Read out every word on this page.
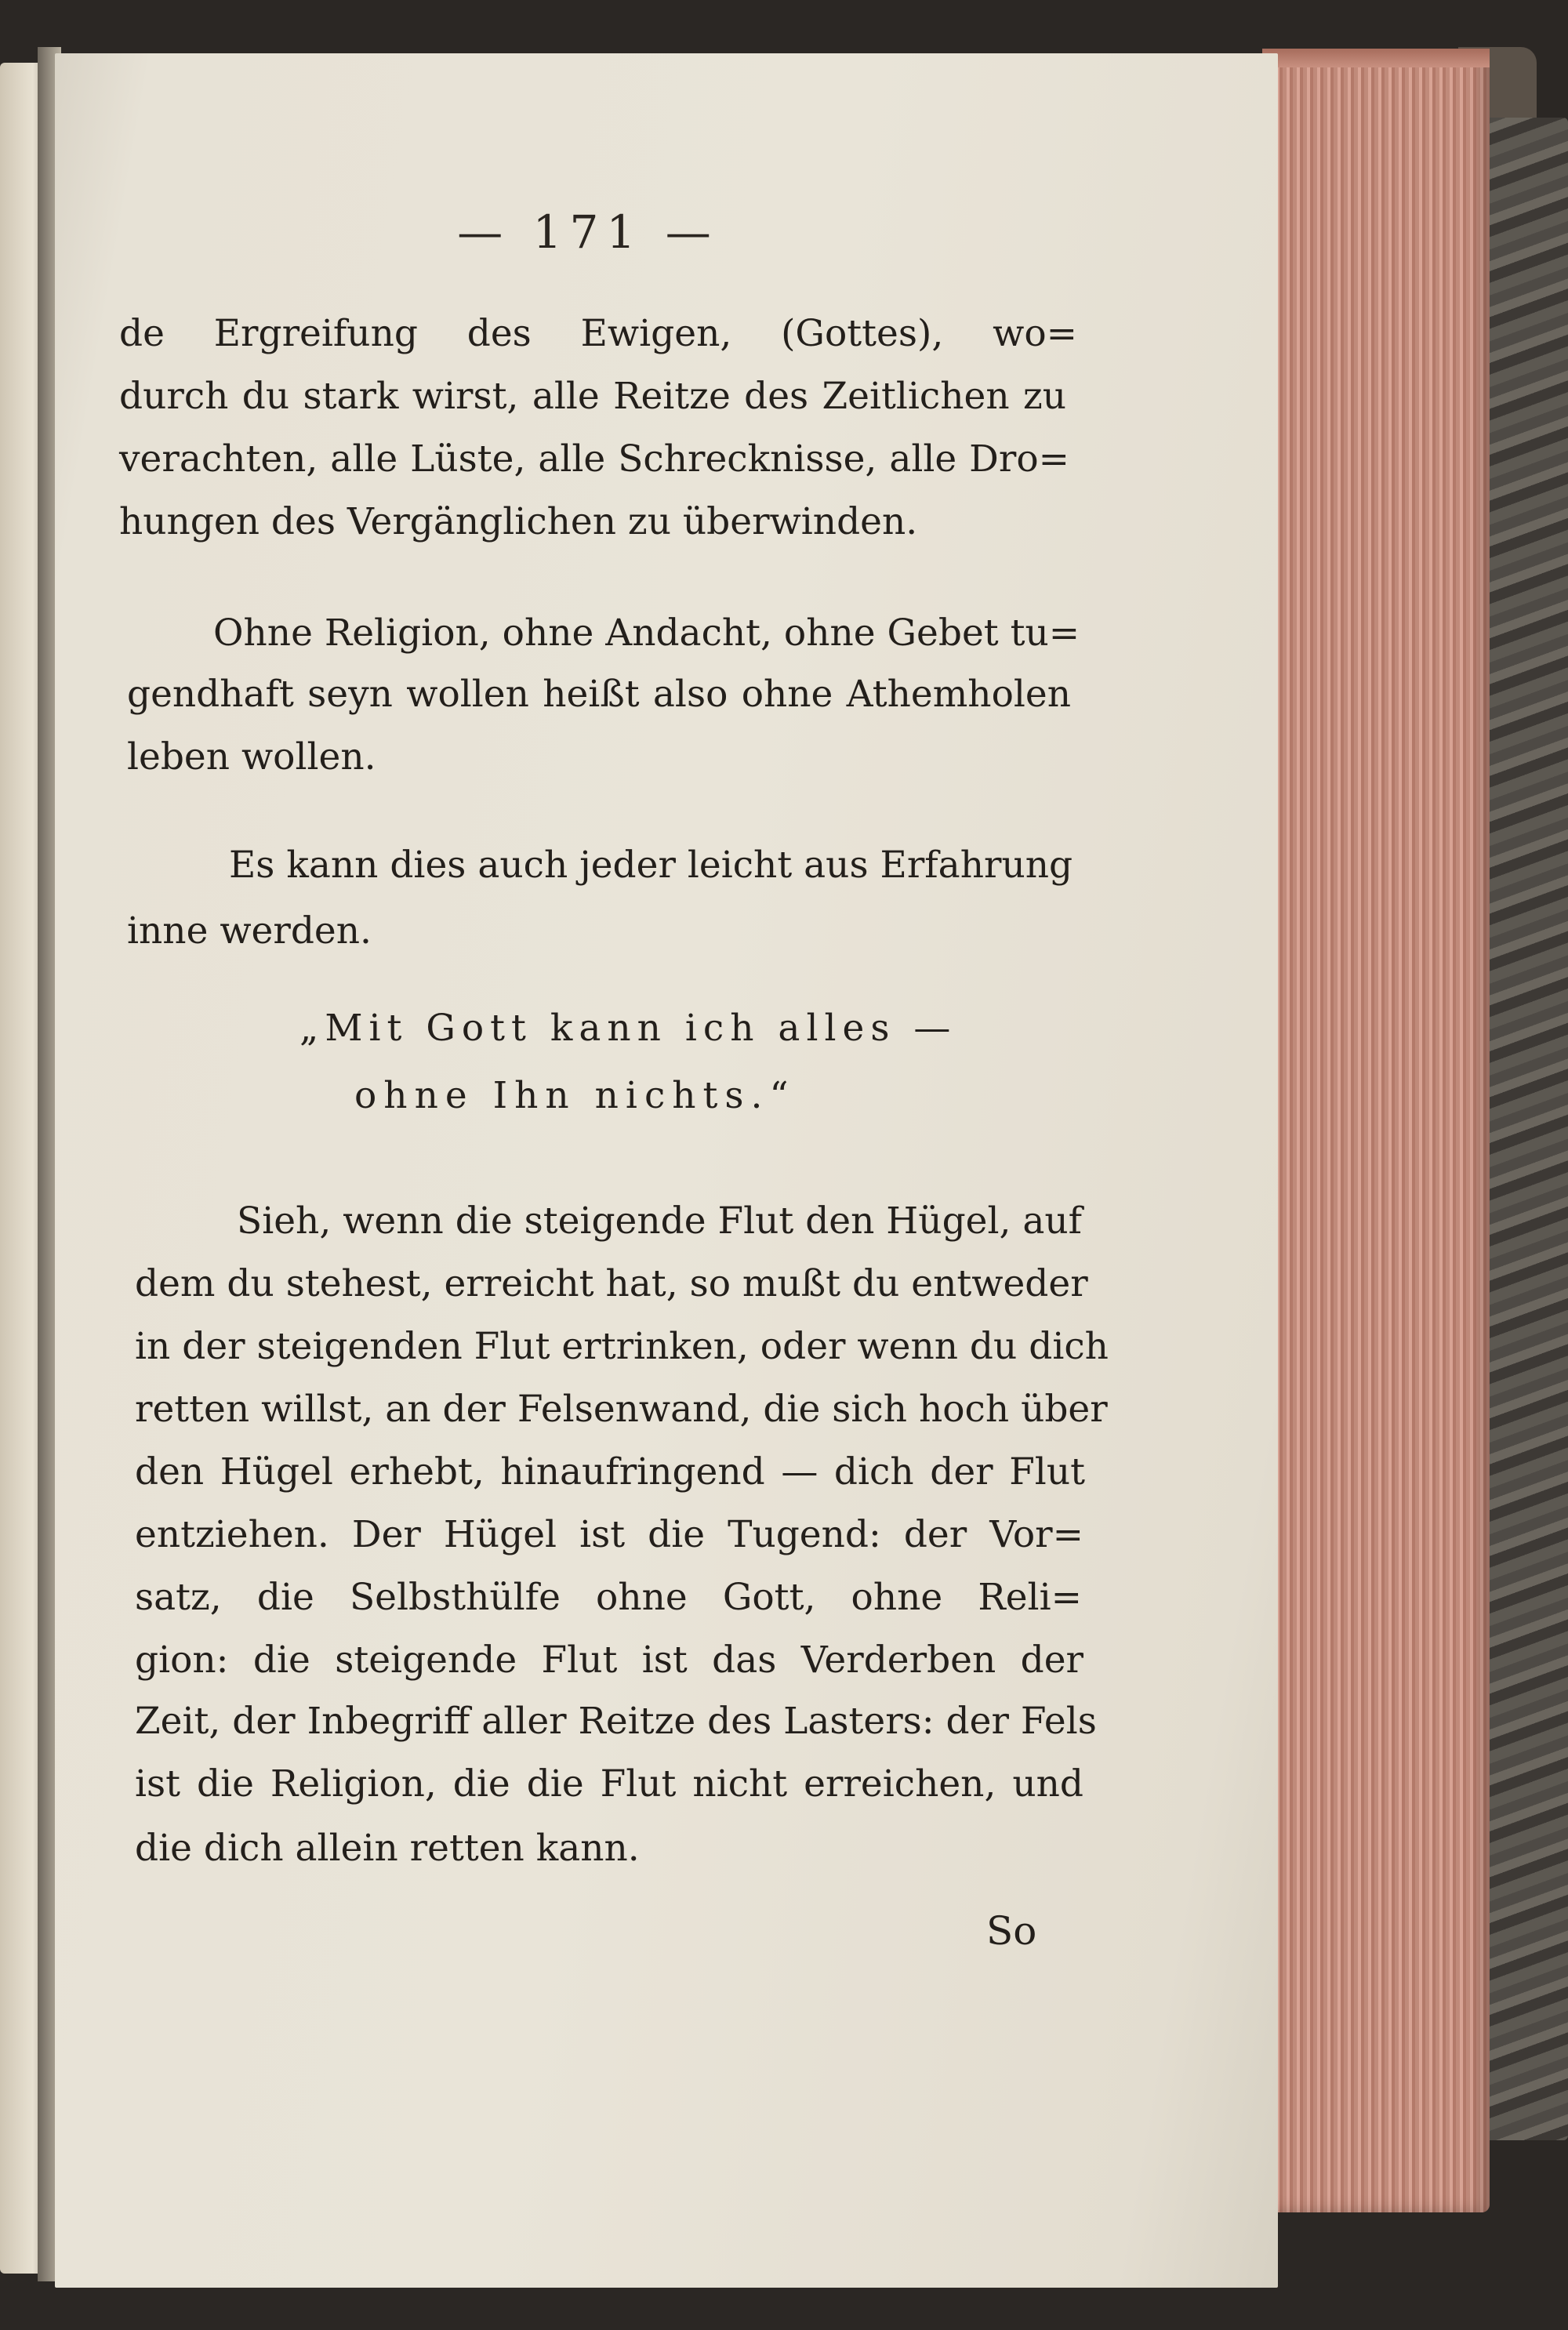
— 171 —
de Ergreifung des Ewigen, (Gottes), wo=
durch du stark wirst, alle Reitze des Zeitlichen zu
verachten, alle Lüste, alle Schrecknisse, alle Dro=
hungen des Vergänglichen zu überwinden.
Ohne Religion, ohne Andacht, ohne Gebet tu=
gendhaft seyn wollen heißt also ohne Athemholen
leben wollen.
Es kann dies auch jeder leicht aus Erfahrung
inne werden.
„Mit Gott kann ich alles —
ohne Ihn nichts.“
Sieh, wenn die steigende Flut den Hügel, auf
dem du stehest, erreicht hat, so mußt du entweder
in der steigenden Flut ertrinken, oder wenn du dich
retten willst, an der Felsenwand, die sich hoch über
den Hügel erhebt, hinaufringend — dich der Flut
entziehen. Der Hügel ist die Tugend: der Vor=
satz, die Selbsthülfe ohne Gott, ohne Reli=
gion: die steigende Flut ist das Verderben der
Zeit, der Inbegriff aller Reitze des Lasters: der Fels
ist die Religion, die die Flut nicht erreichen, und
die dich allein retten kann.
So
